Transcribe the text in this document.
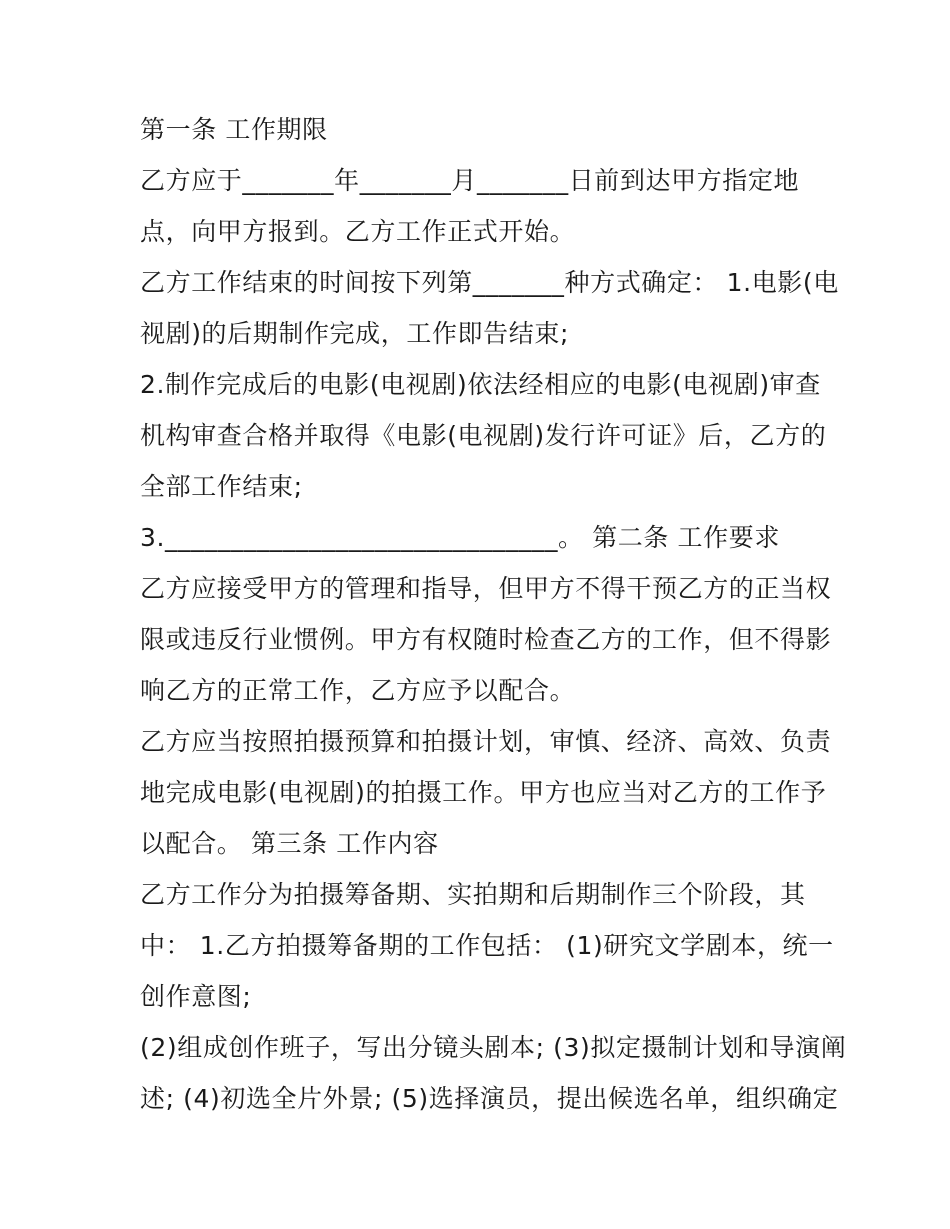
第一条 工作期限
乙方应于_______年_______月_______日前到达甲方指定地
点，向甲方报到。乙方工作正式开始。
乙方工作结束的时间按下列第_______种方式确定： 1.电影(电
视剧)的后期制作完成，工作即告结束;
2.制作完成后的电影(电视剧)依法经相应的电影(电视剧)审查
机构审查合格并取得《电影(电视剧)发行许可证》后，乙方的
全部工作结束;
3.______________________________。 第二条 工作要求
乙方应接受甲方的管理和指导，但甲方不得干预乙方的正当权
限或违反行业惯例。甲方有权随时检查乙方的工作，但不得影
响乙方的正常工作，乙方应予以配合。
乙方应当按照拍摄预算和拍摄计划，审慎、经济、高效、负责
地完成电影(电视剧)的拍摄工作。甲方也应当对乙方的工作予
以配合。 第三条 工作内容
乙方工作分为拍摄筹备期、实拍期和后期制作三个阶段，其
中： 1.乙方拍摄筹备期的工作包括： (1)研究文学剧本，统一
创作意图;
(2)组成创作班子，写出分镜头剧本; (3)拟定摄制计划和导演阐
述; (4)初选全片外景; (5)选择演员，提出候选名单，组织确定
